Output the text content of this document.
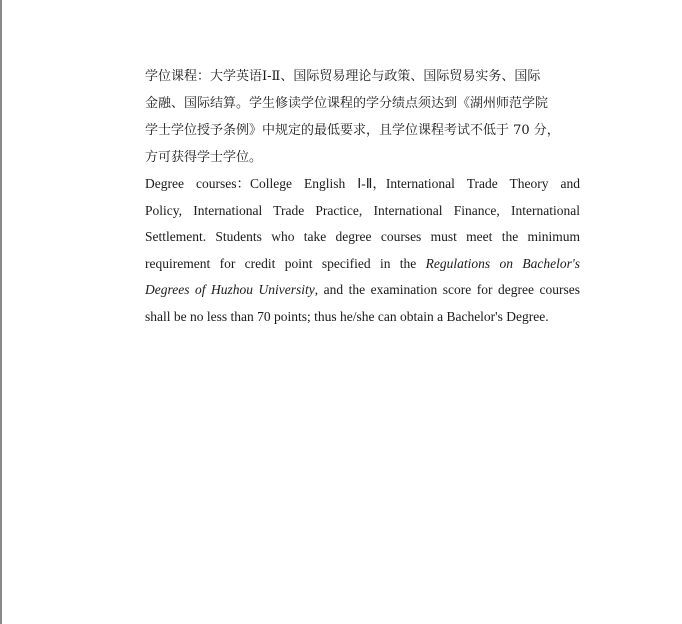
学位课程：大学英语Ⅰ-Ⅱ、国际贸易理论与政策、国际贸易实务、国际

金融、国际结算。学生修读学位课程的学分绩点须达到《湖州师范学院

学士学位授予条例》中规定的最低要求，且学位课程考试不低于 70 分，

方可获得学士学位。

Degree courses：College English Ⅰ-Ⅱ，International Trade Theory and
Policy, International Trade Practice, International Finance, International
Settlement. Students who take degree courses must meet the minimum
requirement for credit point specified in the Regulations on Bachelor's
Degrees of Huzhou University, and the examination score for degree courses
shall be no less than 70 points; thus he/she can obtain a Bachelor's Degree.
